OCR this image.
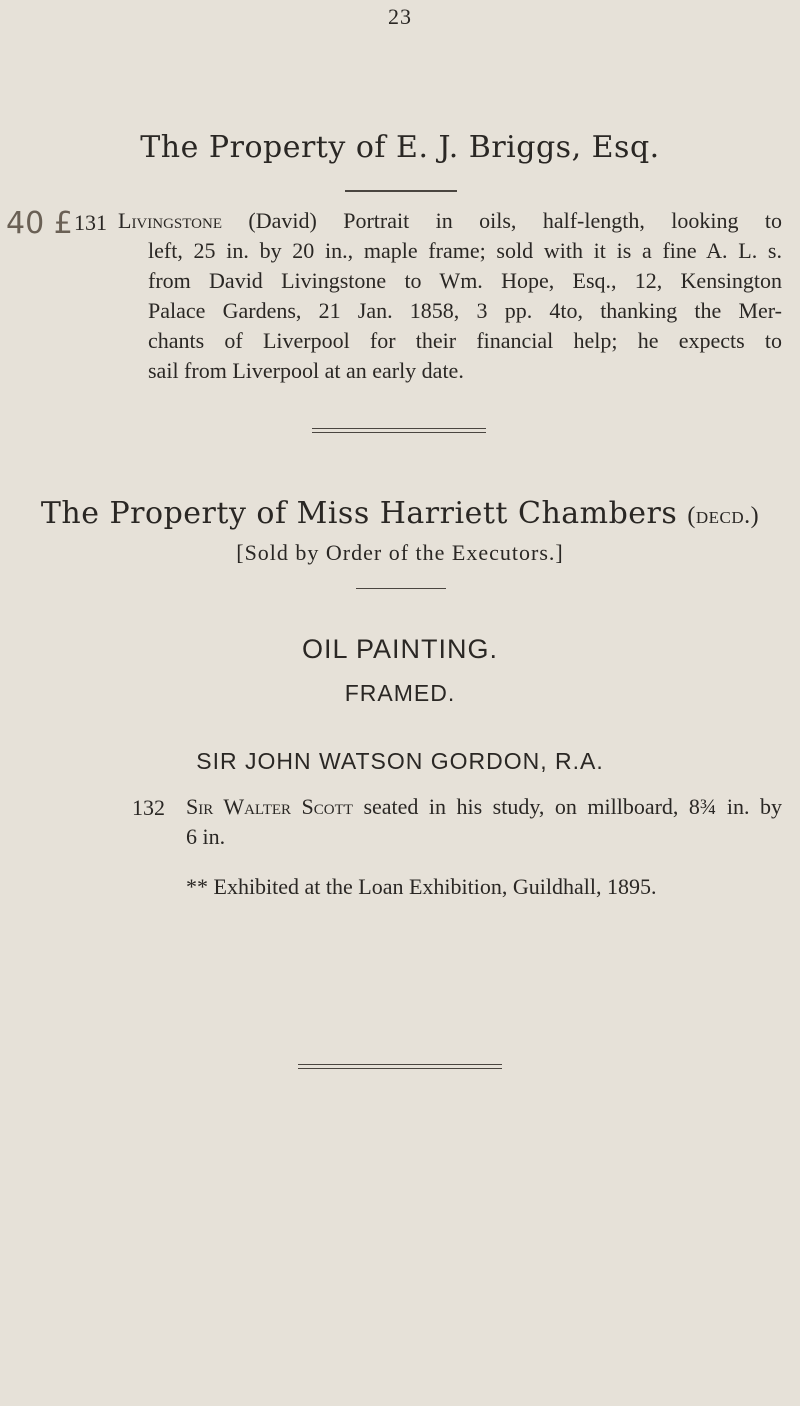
23
The Property of E. J. Briggs, Esq.
40 £ 131 Livingstone (David) Portrait in oils, half-length, looking to
left, 25 in. by 20 in., maple frame; sold with it is a fine A. L. s.
from David Livingstone to Wm. Hope, Esq., 12, Kensington
Palace Gardens, 21 Jan. 1858, 3 pp. 4to, thanking the Mer-
chants of Liverpool for their financial help; he expects to
sail from Liverpool at an early date.
The Property of Miss Harriett Chambers (decd.)
[Sold by Order of the Executors.]
OIL PAINTING.
FRAMED.
SIR JOHN WATSON GORDON, R.A.
132 Sir Walter Scott seated in his study, on millboard, 8¾ in. by
6 in.
** Exhibited at the Loan Exhibition, Guildhall, 1895.
